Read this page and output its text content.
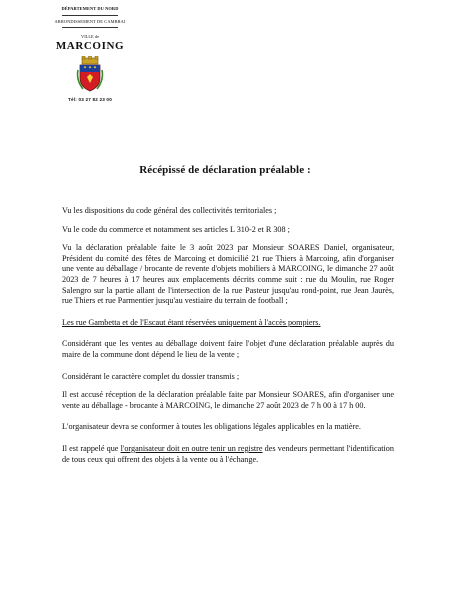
DÉPARTEMENT DU NORD
ARRONDISSEMENT DE CAMBRAI
VILLE de
MARCOING
Tél: 03 27 82 23 00
Récépissé de déclaration préalable :

Vu les dispositions du code général des collectivités territoriales ;

Vu le code du commerce et notamment ses articles L 310-2 et R 308 ;

Vu la déclaration préalable faite le 3 août 2023 par Monsieur SOARES Daniel, organisateur, Président du comité des fêtes de Marcoing et domicilié 21 rue Thiers à Marcoing, afin d'organiser une vente au déballage / brocante de revente d'objets mobiliers à MARCOING, le dimanche 27 août 2023 de 7 heures à 17 heures aux emplacements décrits comme suit : rue du Moulin, rue Roger Salengro sur la partie allant de l'intersection de la rue Pasteur jusqu'au rond-point, rue Jean Jaurès, rue Thiers et rue Parmentier jusqu'au vestiaire du terrain de football ;

Les rue Gambetta et de l'Escaut étant réservées uniquement à l'accès pompiers.

Considérant que les ventes au déballage doivent faire l'objet d'une déclaration préalable auprès du maire de la commune dont dépend le lieu de la vente ;

Considérant le caractère complet du dossier transmis ;

Il est accusé réception de la déclaration préalable faite par Monsieur SOARES, afin d'organiser une vente au déballage - brocante à MARCOING, le dimanche 27 août 2023 de 7 h 00 à 17 h 00.

L'organisateur devra se conformer à toutes les obligations légales applicables en la matière.

Il est rappelé que l'organisateur doit en outre tenir un registre des vendeurs permettant l'identification de tous ceux qui offrent des objets à la vente ou à l'échange.
